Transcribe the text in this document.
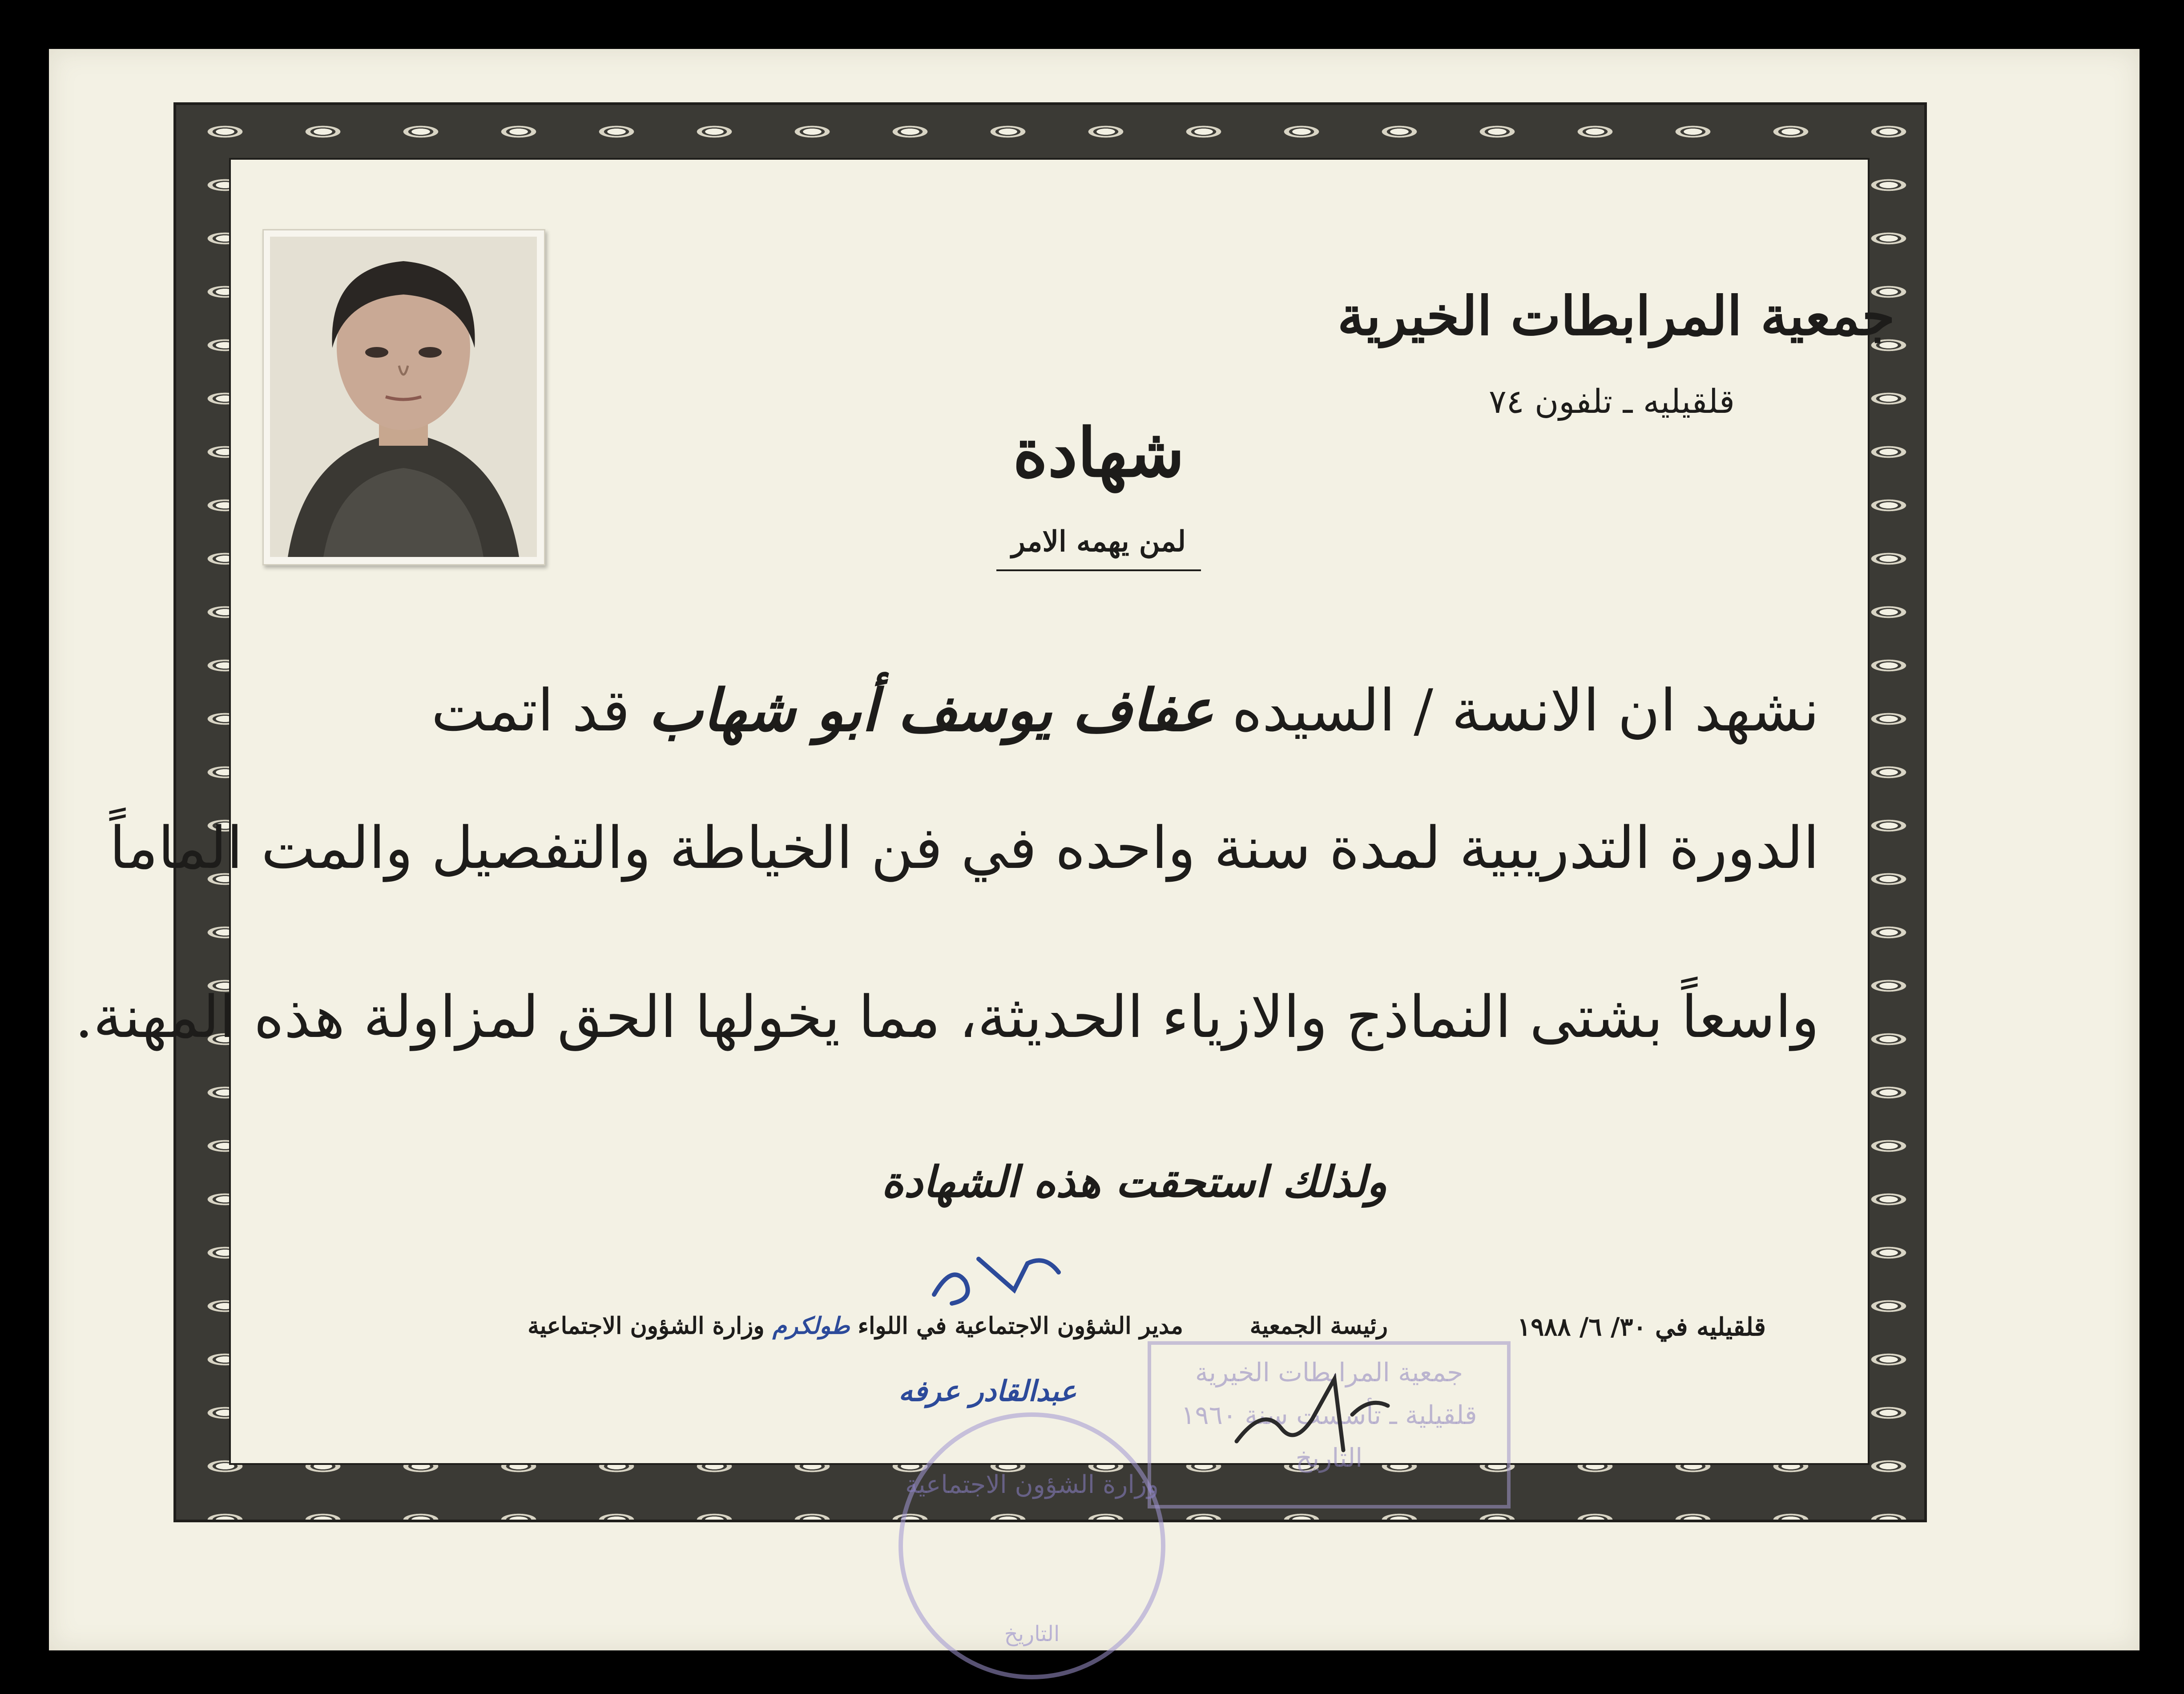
جمعية المرابطات الخيرية
قلقيليه ـ تلفون ٧٤
شهادة
لمن يهمه الامر
نشهد ان الانسة / السيده عفاف يوسف أبو شهاب قد اتمت
الدورة التدريبية لمدة سنة واحده في فن الخياطة والتفصيل والمت الماماً
واسعاً بشتى النماذج والازياء الحديثة، مما يخولها الحق لمزاولة هذه المهنة.
ولذلك استحقت هذه الشهادة
قلقيليه في ٣٠/ ٦/ ١٩٨٨
رئيسة الجمعية
مدير الشؤون الاجتماعية في اللواء طولكرم وزارة الشؤون الاجتماعية
عبدالقادر عرفه
جمعية المرابطات الخيرية
قلقيلية ـ تأسست سنة ١٩٦٠
التاريخ
وزارة الشؤون الاجتماعية
التاريخ
